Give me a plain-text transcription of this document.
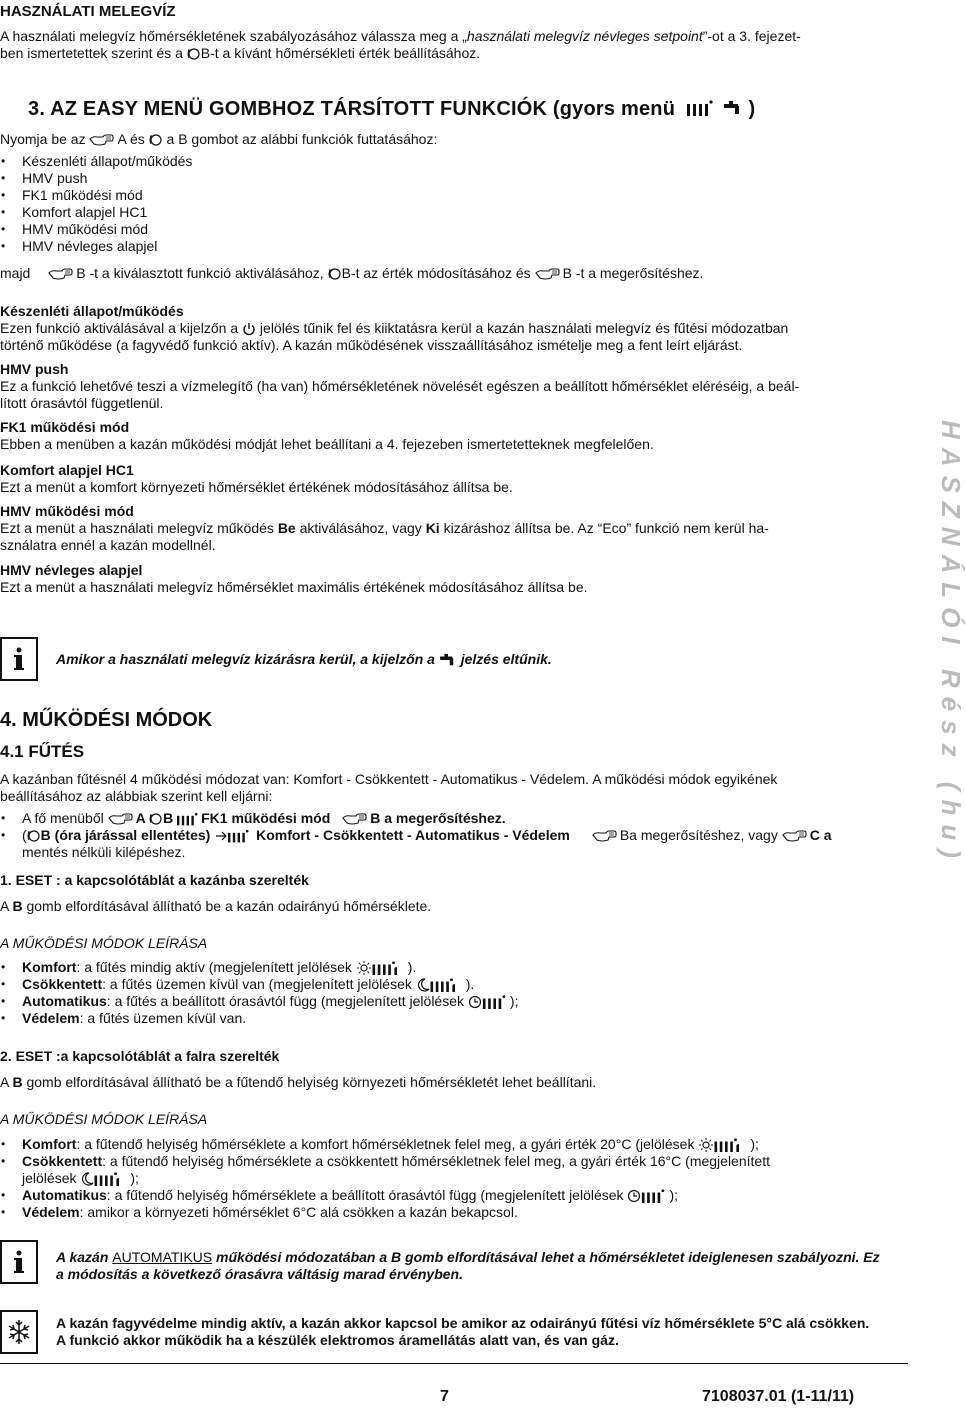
HASZNÁLATI MELEGVÍZ
A használati melegvíz hőmérsékletének szabályozásához válassza meg a „használati melegvíz névleges setpoint”-ot a 3. fejezet-
ben ismertetettek szerint és a B-t a kívánt hőmérsékleti érték beállításához.
3. AZ EASY MENÜ GOMBHOZ TÁRSÍTOTT FUNKCIÓK (gyors menü	)
Nyomja be az A és  a B gombot az alábbi funkciók futtatásához:
• Készenléti állapot/működés
• HMV push
• FK1 működési mód
• Komfort alapjel HC1
• HMV működési mód
• HMV névleges alapjel
majd	B -t a kiválasztott funkció aktiválásához, B-t az érték módosításához és B -t a megerősítéshez.
Készenléti állapot/működés
Ezen funkció aktiválásával a kijelzőn a  jelölés tűnik fel és kiiktatásra kerül a kazán használati melegvíz és fűtési módozatban
történő működése (a fagyvédő funkció aktív). A kazán működésének visszaállításához ismételje meg a fent leírt eljárást.
HMV push
Ez a funkció lehetővé teszi a vízmelegítő (ha van) hőmérsékletének növelését egészen a beállított hőmérséklet eléréséig, a beál-
lított órasávtól függetlenül.
FK1 működési mód
Ebben a menüben a kazán működési módját lehet beállítani a 4. fejezeben ismertetetteknek megfelelően.
Komfort alapjel HC1
Ezt a menüt a komfort környezeti hőmérséklet értékének módosításához állítsa be.
HMV működési mód
Ezt a menüt a használati melegvíz működés Be aktiválásához, vagy Ki kizáráshoz állítsa be. Az “Eco” funkció nem kerül ha-
sználatra ennél a kazán modellnél.
HMV névleges alapjel
Ezt a menüt a használati melegvíz hőmérséklet maximális értékének módosításához állítsa be.
Amikor a használati melegvíz kizárásra kerül, a kijelzőn a  jelzés eltűnik.
4. MŰKÖDÉSI MÓDOK
4.1 FŰTÉS
A kazánban fűtésnél 4 működési módozat van: Komfort - Csökkentett - Automatikus - Védelem. A működési módok egyikének
beállításához az alábbiak szerint kell eljárni:
• A fő menüből A B FK1 működési mód	B a megerősítéshez.
• ( B (óra járással ellentétes)	Komfort - Csökkentett - Automatikus - Védelem	Ba megerősítéshez, vagy C a
mentés nélküli kilépéshez.
1. ESET : a kapcsolótáblát a kazánba szerelték
A B gomb elfordításával állítható be a kazán odairányú hőmérséklete.
A MŰKÖDÉSI MÓDOK LEÍRÁSA
• Komfort: a fűtés mindig aktív (megjelenített jelölések	).
• Csökkentett: a fűtés üzemen kívül van (megjelenített jelölések	).
• Automatikus: a fűtés a beállított órasávtól függ (megjelenített jelölések	);
• Védelem: a fűtés üzemen kívül van.
2. ESET :a kapcsolótáblát a falra szerelték
A B gomb elfordításával állítható be a fűtendő helyiség környezeti hőmérsékletét lehet beállítani.
A MŰKÖDÉSI MÓDOK LEÍRÁSA
• Komfort: a fűtendő helyiség hőmérséklete a komfort hőmérsékletnek felel meg, a gyári érték 20°C (jelölések	);
• Csökkentett: a fűtendő helyiség hőmérséklete a csökkentett hőmérsékletnek felel meg, a gyári érték 16°C (megjelenített
jelölések	);
• Automatikus: a fűtendő helyiség hőmérséklete a beállított órasávtól függ (megjelenített jelölések	);
• Védelem: amikor a környezeti hőmérséklet 6°C alá csökken a kazán bekapcsol.
A kazán AUTOMATIKUS működési módozatában a B gomb elfordításával lehet a hőmérsékletet ideiglenesen szabályozni. Ez
a módosítás a következő órasávra váltásig marad érvényben.
A kazán fagyvédelme mindig aktív, a kazán akkor kapcsol be amikor az odairányú fűtési víz hőmérséklete 5°C alá csökken.
A funkció akkor működik ha a készülék elektromos áramellátás alatt van, és van gáz.
HASZNÁLÓI Rész (hu)
7	7108037.01 (1-11/11)
